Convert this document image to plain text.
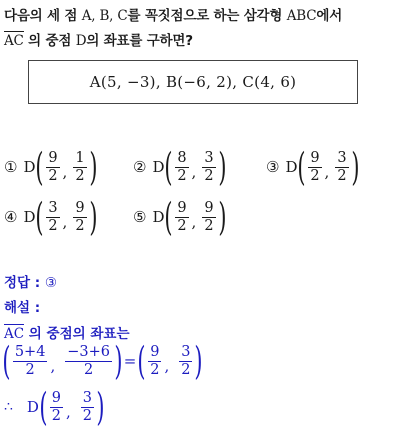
다음의 세 점 A, B, C를 꼭짓점으로 하는 삼각형 ABC에서
AC 의 중점 D의 좌표를 구하면?
A(5, −3), B(−6, 2), C(4, 6)
① D ( $\frac{9}{2}$ , $\frac{1}{2}$ ) ② D ( $\frac{8}{2}$ , $\frac{3}{2}$ )	③ D ( $\frac{9}{2}$ , $\frac{3}{2}$ )
④ D ( $\frac{3}{2}$ , $\frac{9}{2}$ ) ⑤ D ( $\frac{9}{2}$ , $\frac{9}{2}$ )
정답 : ③
해설 :
AC 의 중점의 좌표는
( $\frac{5+4}{2}$ , $\frac{-3+6}{2}$ ) = ( $\frac{9}{2}$ , $\frac{3}{2}$ )
∴ D ( $\frac{9}{2}$ , $\frac{3}{2}$ )
